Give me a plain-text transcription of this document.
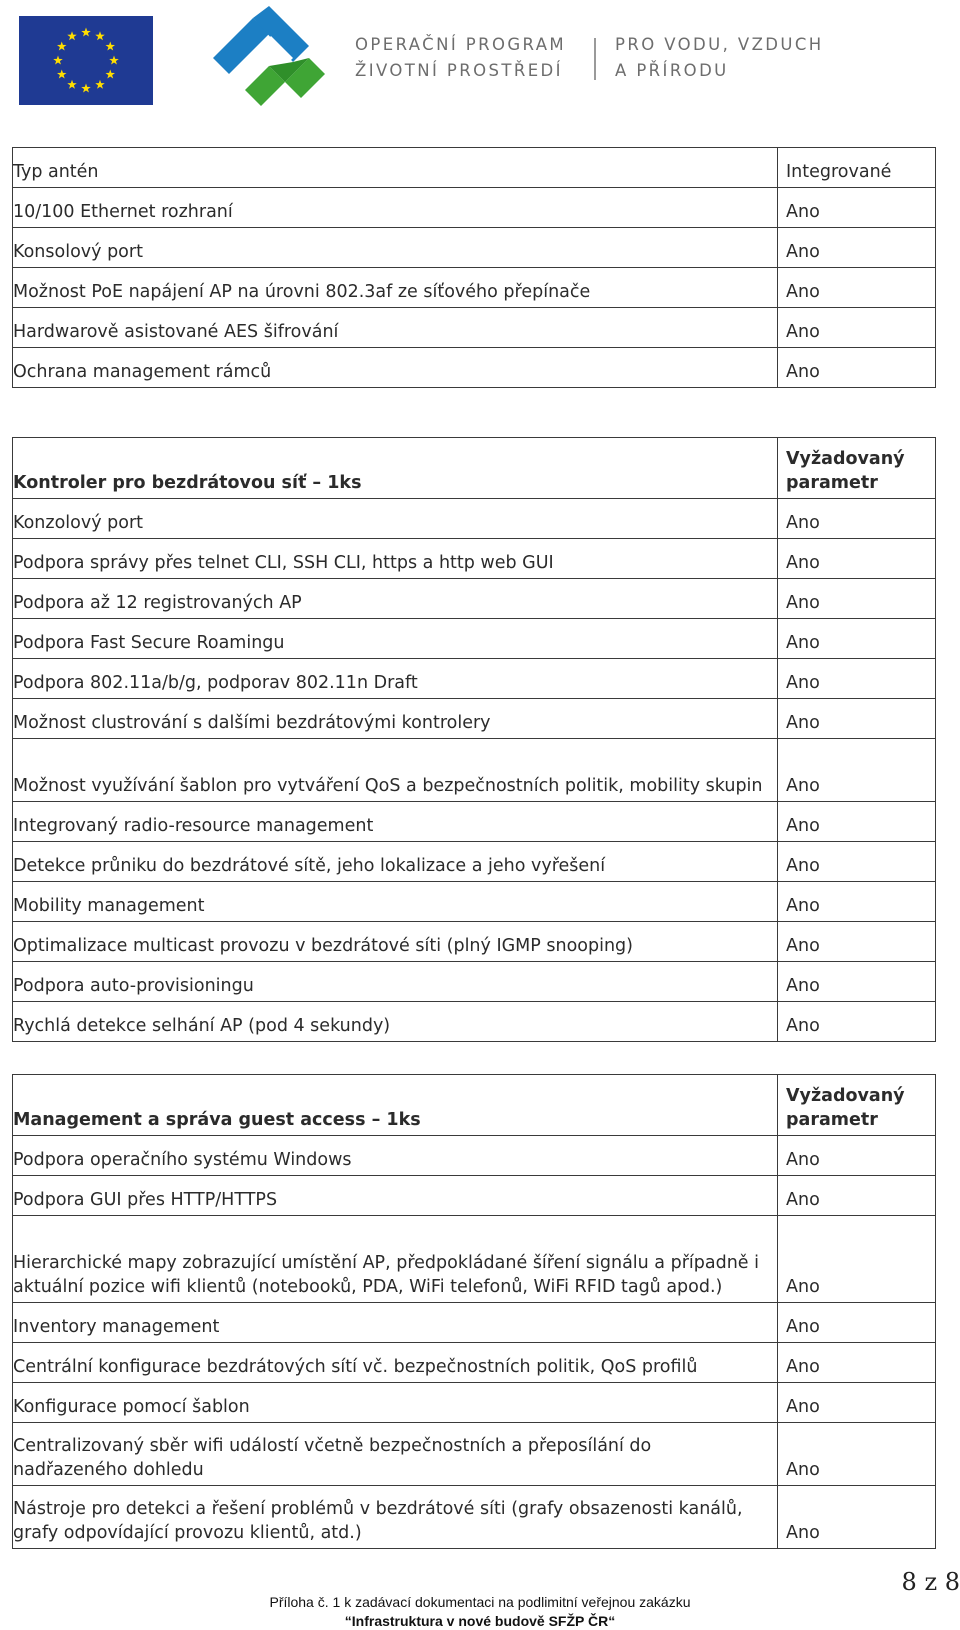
OPERAČNÍ PROGRAM
ŽIVOTNÍ PROSTŘEDÍ
PRO VODU, VZDUCH
A PŘÍRODU
Typ antén	Integrované
10/100 Ethernet rozhraní	Ano
Konsolový port	Ano
Možnost PoE napájení AP na úrovni 802.3af ze síťového přepínače	Ano
Hardwarově asistované AES šifrování	Ano
Ochrana management rámců	Ano
Kontroler pro bezdrátovou síť – 1ks	Vyžadovaný parametr
Konzolový port	Ano
Podpora správy přes telnet CLI, SSH CLI, https a http web GUI	Ano
Podpora až 12 registrovaných AP	Ano
Podpora Fast Secure Roamingu	Ano
Podpora 802.11a/b/g, podporav 802.11n Draft	Ano
Možnost clustrování s dalšími bezdrátovými kontrolery	Ano
Možnost využívání šablon pro vytváření QoS a bezpečnostních politik, mobility skupin	Ano
Integrovaný radio-resource management	Ano
Detekce průniku do bezdrátové sítě, jeho lokalizace a jeho vyřešení	Ano
Mobility management	Ano
Optimalizace multicast provozu v bezdrátové síti (plný IGMP snooping)	Ano
Podpora auto-provisioningu	Ano
Rychlá detekce selhání AP (pod 4 sekundy)	Ano
Management a správa guest access – 1ks	Vyžadovaný parametr
Podpora operačního systému Windows	Ano
Podpora GUI přes HTTP/HTTPS	Ano
Hierarchické mapy zobrazující umístění AP, předpokládané šíření signálu a případně i aktuální pozice wifi klientů (notebooků, PDA, WiFi telefonů, WiFi RFID tagů apod.)	Ano
Inventory management	Ano
Centrální konfigurace bezdrátových sítí vč. bezpečnostních politik, QoS profilů	Ano
Konfigurace pomocí šablon	Ano
Centralizovaný sběr wifi událostí včetně bezpečnostních a přeposílání do nadřazeného dohledu	Ano
Nástroje pro detekci a řešení problémů v bezdrátové síti (grafy obsazenosti kanálů, grafy odpovídající provozu klientů, atd.)	Ano
8 z 8
Příloha č. 1 k zadávací dokumentaci na podlimitní veřejnou zakázku
“Infrastruktura v nové budově SFŽP ČR“
